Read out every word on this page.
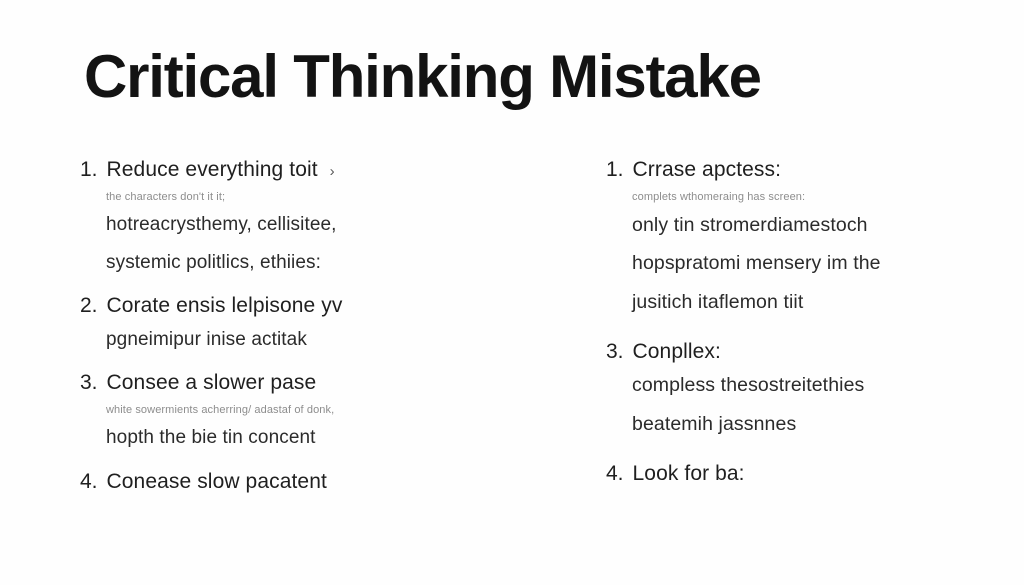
Critical Thinking Mistake
1. Reduce everything toit ›
the characters don't it it;
hotreacrysthemy, cellisitee,
systemic politlics, ethiies:
2. Corate ensis lelpisone yv
pgneimipur inise actitak
3. Consee a slower pase
white sowermients acherring/ adastaf of donk,
hopth the bie tin concent
4. Conease slow pacatent
1. Crrase apctess:
complets wthomeraing has screen:
only tin stromerdiamestoch
hopspratomi mensery im the
jusitich itaflemon tiit
3. Conpllex:
compless thesostreitethies
beatemih jassnnes
4. Look for ba:
